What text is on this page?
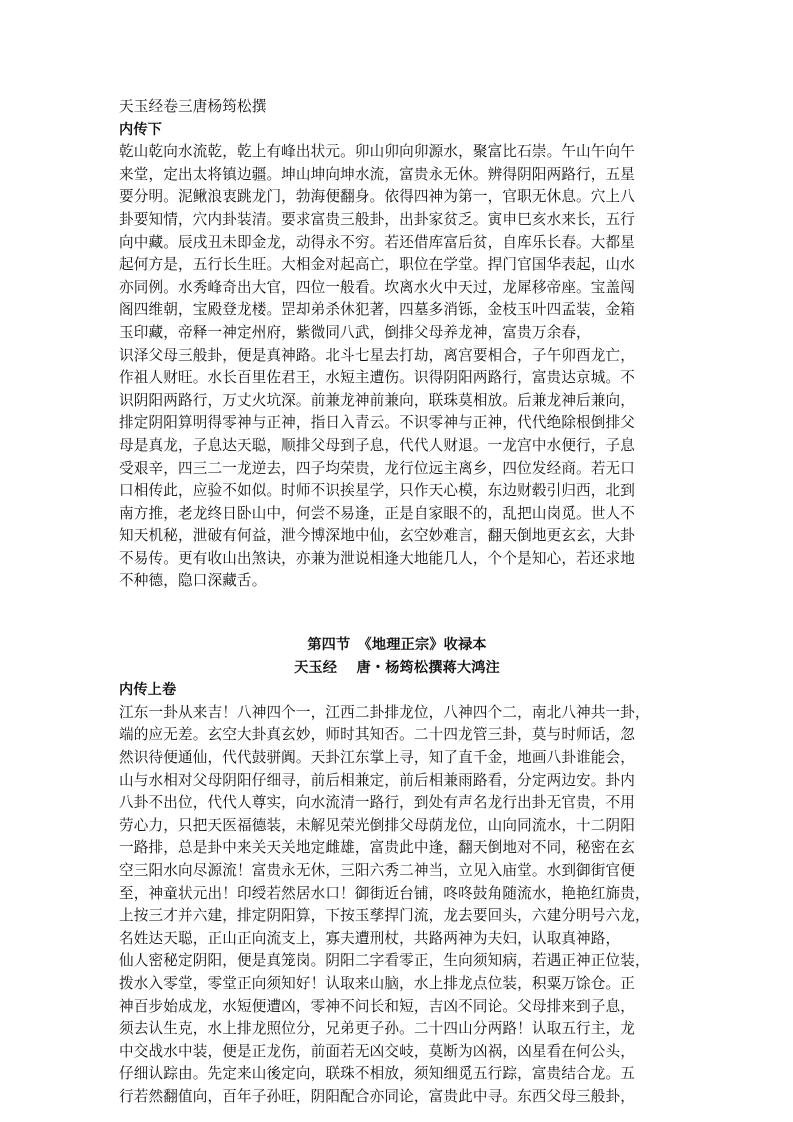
天玉经卷三唐杨筠松撰
内传下
乾山乾向水流乾，乾上有峰出状元。卯山卯向卯源水，聚富比石崇。午山午向午
来堂，定出太将镇边疆。坤山坤向坤水流，富贵永无休。辨得阴阳两路行，五星
要分明。泥鳅浪衷跳龙门，勃海便翻身。依得四神为第一，官职无休息。穴上八
卦要知情，穴内卦装清。要求富贵三般卦，出卦家贫乏。寅申巳亥水来长，五行
向中藏。辰戌丑未即金龙，动得永不穷。若还借库富后贫，自库乐长春。大都星
起何方是，五行长生旺。大相金对起高亡，职位在学堂。捍门官国华表起，山水
亦同例。水秀峰奇出大官，四位一般看。坎离水火中天过，龙犀移帝座。宝盖闯
阁四维朝，宝殿登龙楼。罡却弟杀休犯著，四墓多消铄，金枝玉叶四孟装，金箱
玉印藏，帝释一神定州府，紫微同八武，倒排父母养龙神，富贵万余春，
识泽父母三般卦，便是真神路。北斗七星去打劫，离宫要相合，子午卯酉龙亡，
作祖人财旺。水长百里佐君王，水短主遭伤。识得阴阳两路行，富贵达京城。不
识阴阳两路行，万丈火坑深。前兼龙神前兼向，联珠莫相放。后兼龙神后兼向，
排定阴阳算明得零神与正神，指日入青云。不识零神与正神，代代绝除根倒排父
母是真龙，子息达天聪，顺排父母到子息，代代人财退。一龙宫中水便行，子息
受艰辛，四三二一龙逆去，四子均荣贵，龙行位远主离乡，四位发经商。若无口
口相传此，应验不如似。时师不识挨星学，只作天心模，东边财毂引归西，北到
南方推，老龙终日卧山中，何尝不易逢，正是自家眼不的，乱把山岗觅。世人不
知天机秘，泄破有何益，泄今博深地中仙，玄空妙难言，翻天倒地更玄玄，大卦
不易传。更有收山出煞诀，亦兼为泄说相逢大地能几人，个个是知心，若还求地
不种德，隐口深藏舌。
第四节　《地理正宗》收禄本
天玉经　 唐・杨筠松撰蒋大鸿注
内传上卷
江东一卦从来吉！八神四个一，江西二卦排龙位，八神四个二，南北八神共一卦，
端的应无差。玄空大卦真玄妙，师时其知否。二十四龙管三卦，莫与时师话，忽
然识待便通仙，代代鼓骈阗。天卦江东掌上寻，知了直千金，地画八卦谁能会，
山与水相对父母阴阳仔细寻，前后相兼定，前后相兼雨路看，分定两边安。卦内
八卦不出位，代代人尊实，向水流清一路行，到处有声名龙行出卦无官贵，不用
劳心力，只把天医福德装，未解见荣光倒排父母荫龙位，山向同流水，十二阴阳
一路排，总是卦中来关天关地定雌雄，富贵此中逢，翻天倒地对不同，秘密在玄
空三阳水向尽源流！富贵永无休，三阳六秀二神当，立见入庙堂。水到御街官便
至，神童状元出！印绶若然居水口！御街近台铺，咚咚鼓角随流水，艳艳红旆贵，
上按三才并六建，排定阴阳算，下按玉孳捍门流，龙去要回头，六建分明号六龙，
名姓达天聪，正山正向流支上，寡夫遭刑杖，共路两神为夫妇，认取真神路，
仙人密秘定阴阳，便是真笼岗。阴阳二字看零正，生向须知病，若遇正神正位装，
拨水入零堂，零堂正向须知好！认取来山脑，水上排龙点位装，积粟万馀仓。正
神百步始成龙，水短便遭凶，零神不问长和短，吉凶不同论。父母排来到子息，
须去认生克，水上排龙照位分，兄弟更子孙。二十四山分两路！认取五行主，龙
中交战水中装，便是正龙伤，前面若无凶交岐，莫断为凶祸，凶星看在何公头，
仔细认踪由。先定来山後定向，联珠不相放，须知细觅五行踪，富贵结合龙。五
行若然翻值向，百年子孙旺，阴阳配合亦同论，富贵此中寻。东西父母三般卦，
